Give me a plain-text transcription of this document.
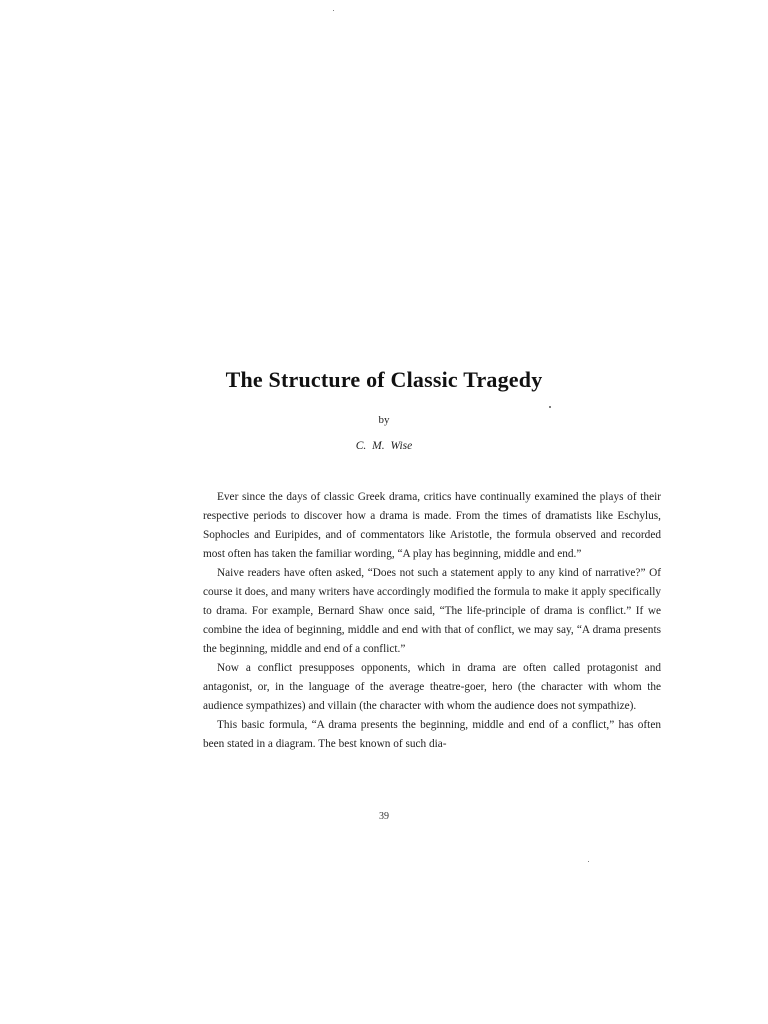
The Structure of Classic Tragedy
by
C. M. Wise

Ever since the days of classic Greek drama, critics have continually examined the plays of their respective periods to discover how a drama is made. From the times of dramatists like Eschylus, Sophocles and Euripides, and of commentators like Aristotle, the formula observed and recorded most often has taken the familiar wording, “A play has beginning, middle and end.”

Naive readers have often asked, “Does not such a statement apply to any kind of narrative?” Of course it does, and many writers have accordingly modified the formula to make it apply specifically to drama. For example, Bernard Shaw once said, “The life-principle of drama is conflict.” If we combine the idea of beginning, middle and end with that of conflict, we may say, “A drama presents the beginning, middle and end of a conflict.”

Now a conflict presupposes opponents, which in drama are often called protagonist and antagonist, or, in the language of the average theatre-goer, hero (the character with whom the audience sympathizes) and villain (the character with whom the audience does not sympathize).

This basic formula, “A drama presents the beginning, middle and end of a conflict,” has often been stated in a diagram. The best known of such dia-

39
